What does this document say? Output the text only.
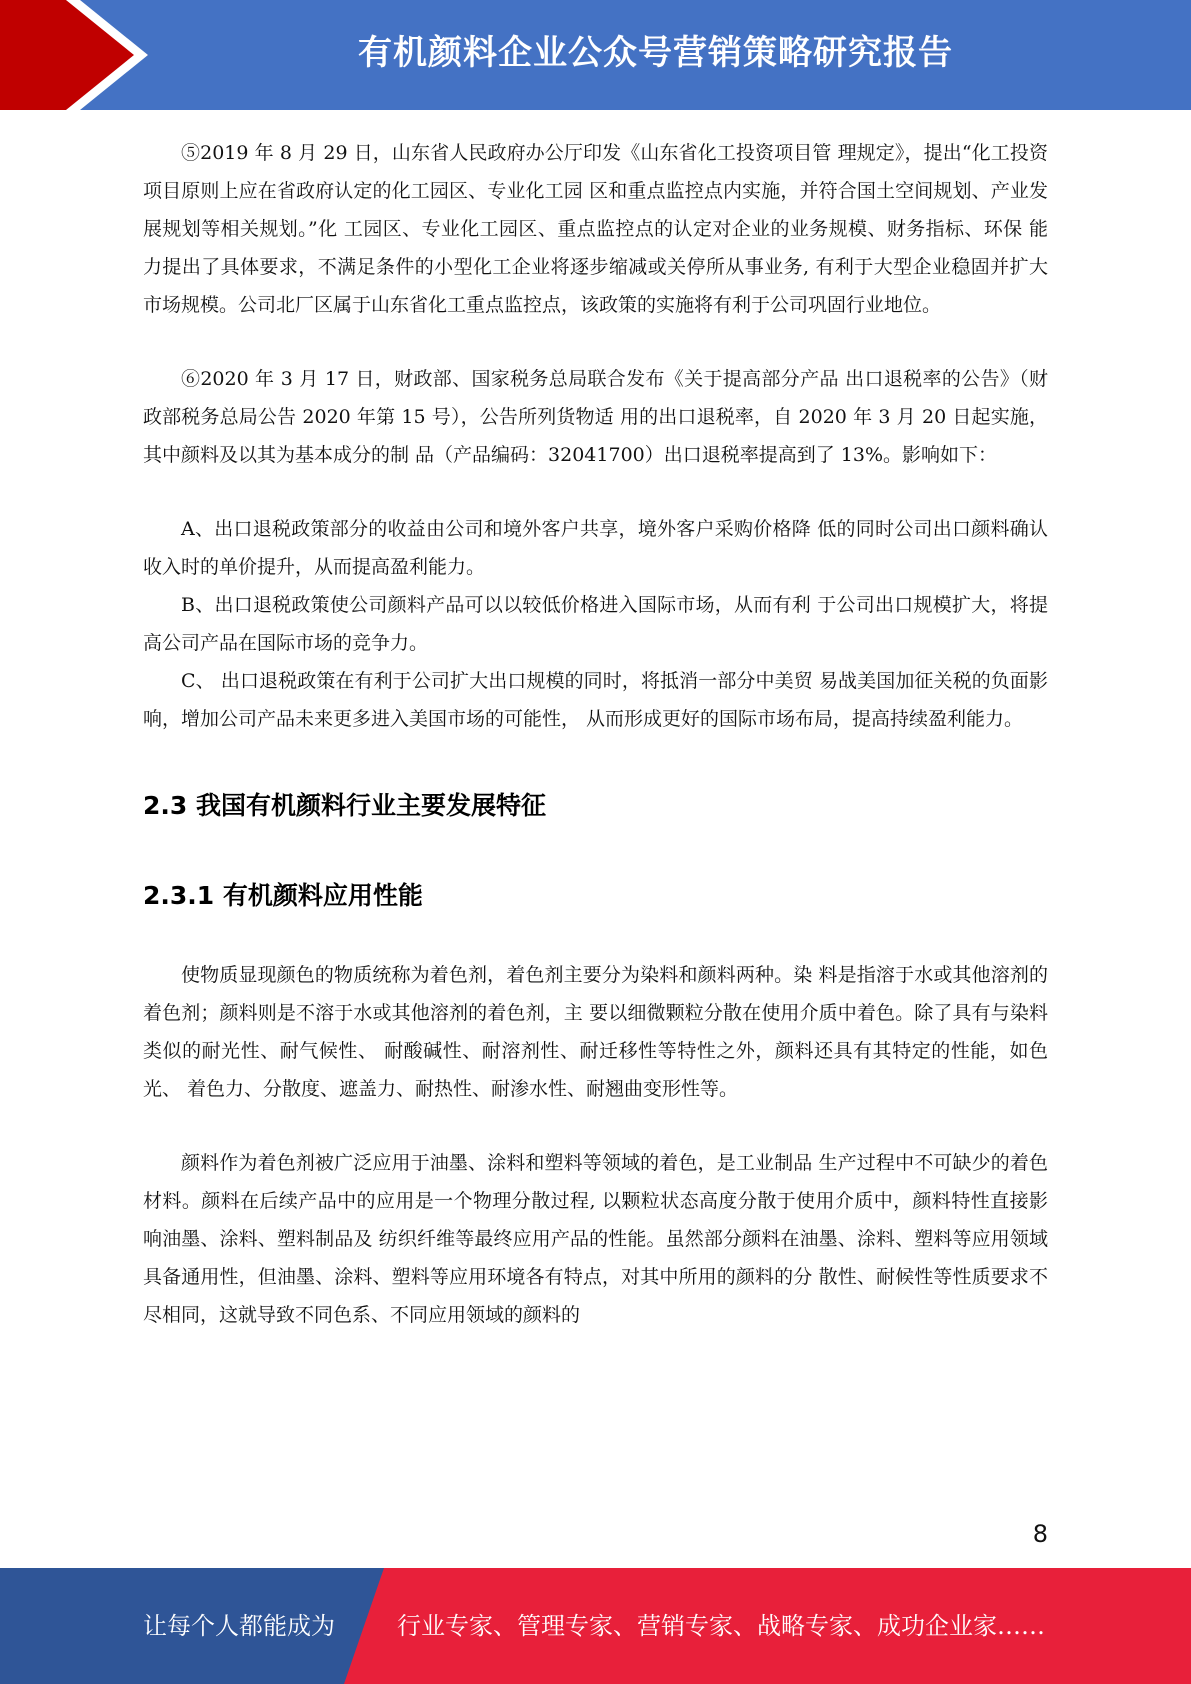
有机颜料企业公众号营销策略研究报告

⑤2019 年 8 月 29 日，山东省人民政府办公厅印发《山东省化工投资项目管 理规定》，提出“化工投资项目原则上应在省政府认定的化工园区、专业化工园 区和重点监控点内实施，并符合国土空间规划、产业发展规划等相关规划。”化 工园区、专业化工园区、重点监控点的认定对企业的业务规模、财务指标、环保 能力提出了具体要求，不满足条件的小型化工企业将逐步缩减或关停所从事业务, 有利于大型企业稳固并扩大市场规模。公司北厂区属于山东省化工重点监控点，该政策的实施将有利于公司巩固行业地位。

⑥2020 年 3 月 17 日，财政部、国家税务总局联合发布《关于提高部分产品 出口退税率的公告》（财政部税务总局公告 2020 年第 15 号），公告所列货物适 用的出口退税率，自 2020 年 3 月 20 日起实施，其中颜料及以其为基本成分的制 品（产品编码：32041700）出口退税率提高到了 13%。影响如下：

A、出口退税政策部分的收益由公司和境外客户共享，境外客户采购价格降 低的同时公司出口颜料确认收入时的单价提升，从而提高盈利能力。

B、出口退税政策使公司颜料产品可以以较低价格进入国际市场，从而有利 于公司出口规模扩大，将提高公司产品在国际市场的竞争力。

C、 出口退税政策在有利于公司扩大出口规模的同时，将抵消一部分中美贸 易战美国加征关税的负面影响，增加公司产品未来更多进入美国市场的可能性， 从而形成更好的国际市场布局，提高持续盈利能力。

2.3 我国有机颜料行业主要发展特征
2.3.1 有机颜料应用性能

使物质显现颜色的物质统称为着色剂，着色剂主要分为染料和颜料两种。染 料是指溶于水或其他溶剂的着色剂；颜料则是不溶于水或其他溶剂的着色剂，主 要以细微颗粒分散在使用介质中着色。除了具有与染料类似的耐光性、耐气候性、 耐酸碱性、耐溶剂性、耐迁移性等特性之外，颜料还具有其特定的性能，如色光、 着色力、分散度、遮盖力、耐热性、耐渗水性、耐翘曲变形性等。

颜料作为着色剂被广泛应用于油墨、涂料和塑料等领域的着色，是工业制品 生产过程中不可缺少的着色材料。颜料在后续产品中的应用是一个物理分散过程, 以颗粒状态高度分散于使用介质中，颜料特性直接影响油墨、涂料、塑料制品及 纺织纤维等最终应用产品的性能。虽然部分颜料在油墨、涂料、塑料等应用领域 具备通用性，但油墨、涂料、塑料等应用环境各有特点，对其中所用的颜料的分 散性、耐候性等性质要求不尽相同，这就导致不同色系、不同应用领域的颜料的

8
让每个人都能成为	行业专家、管理专家、营销专家、战略专家、成功企业家……
